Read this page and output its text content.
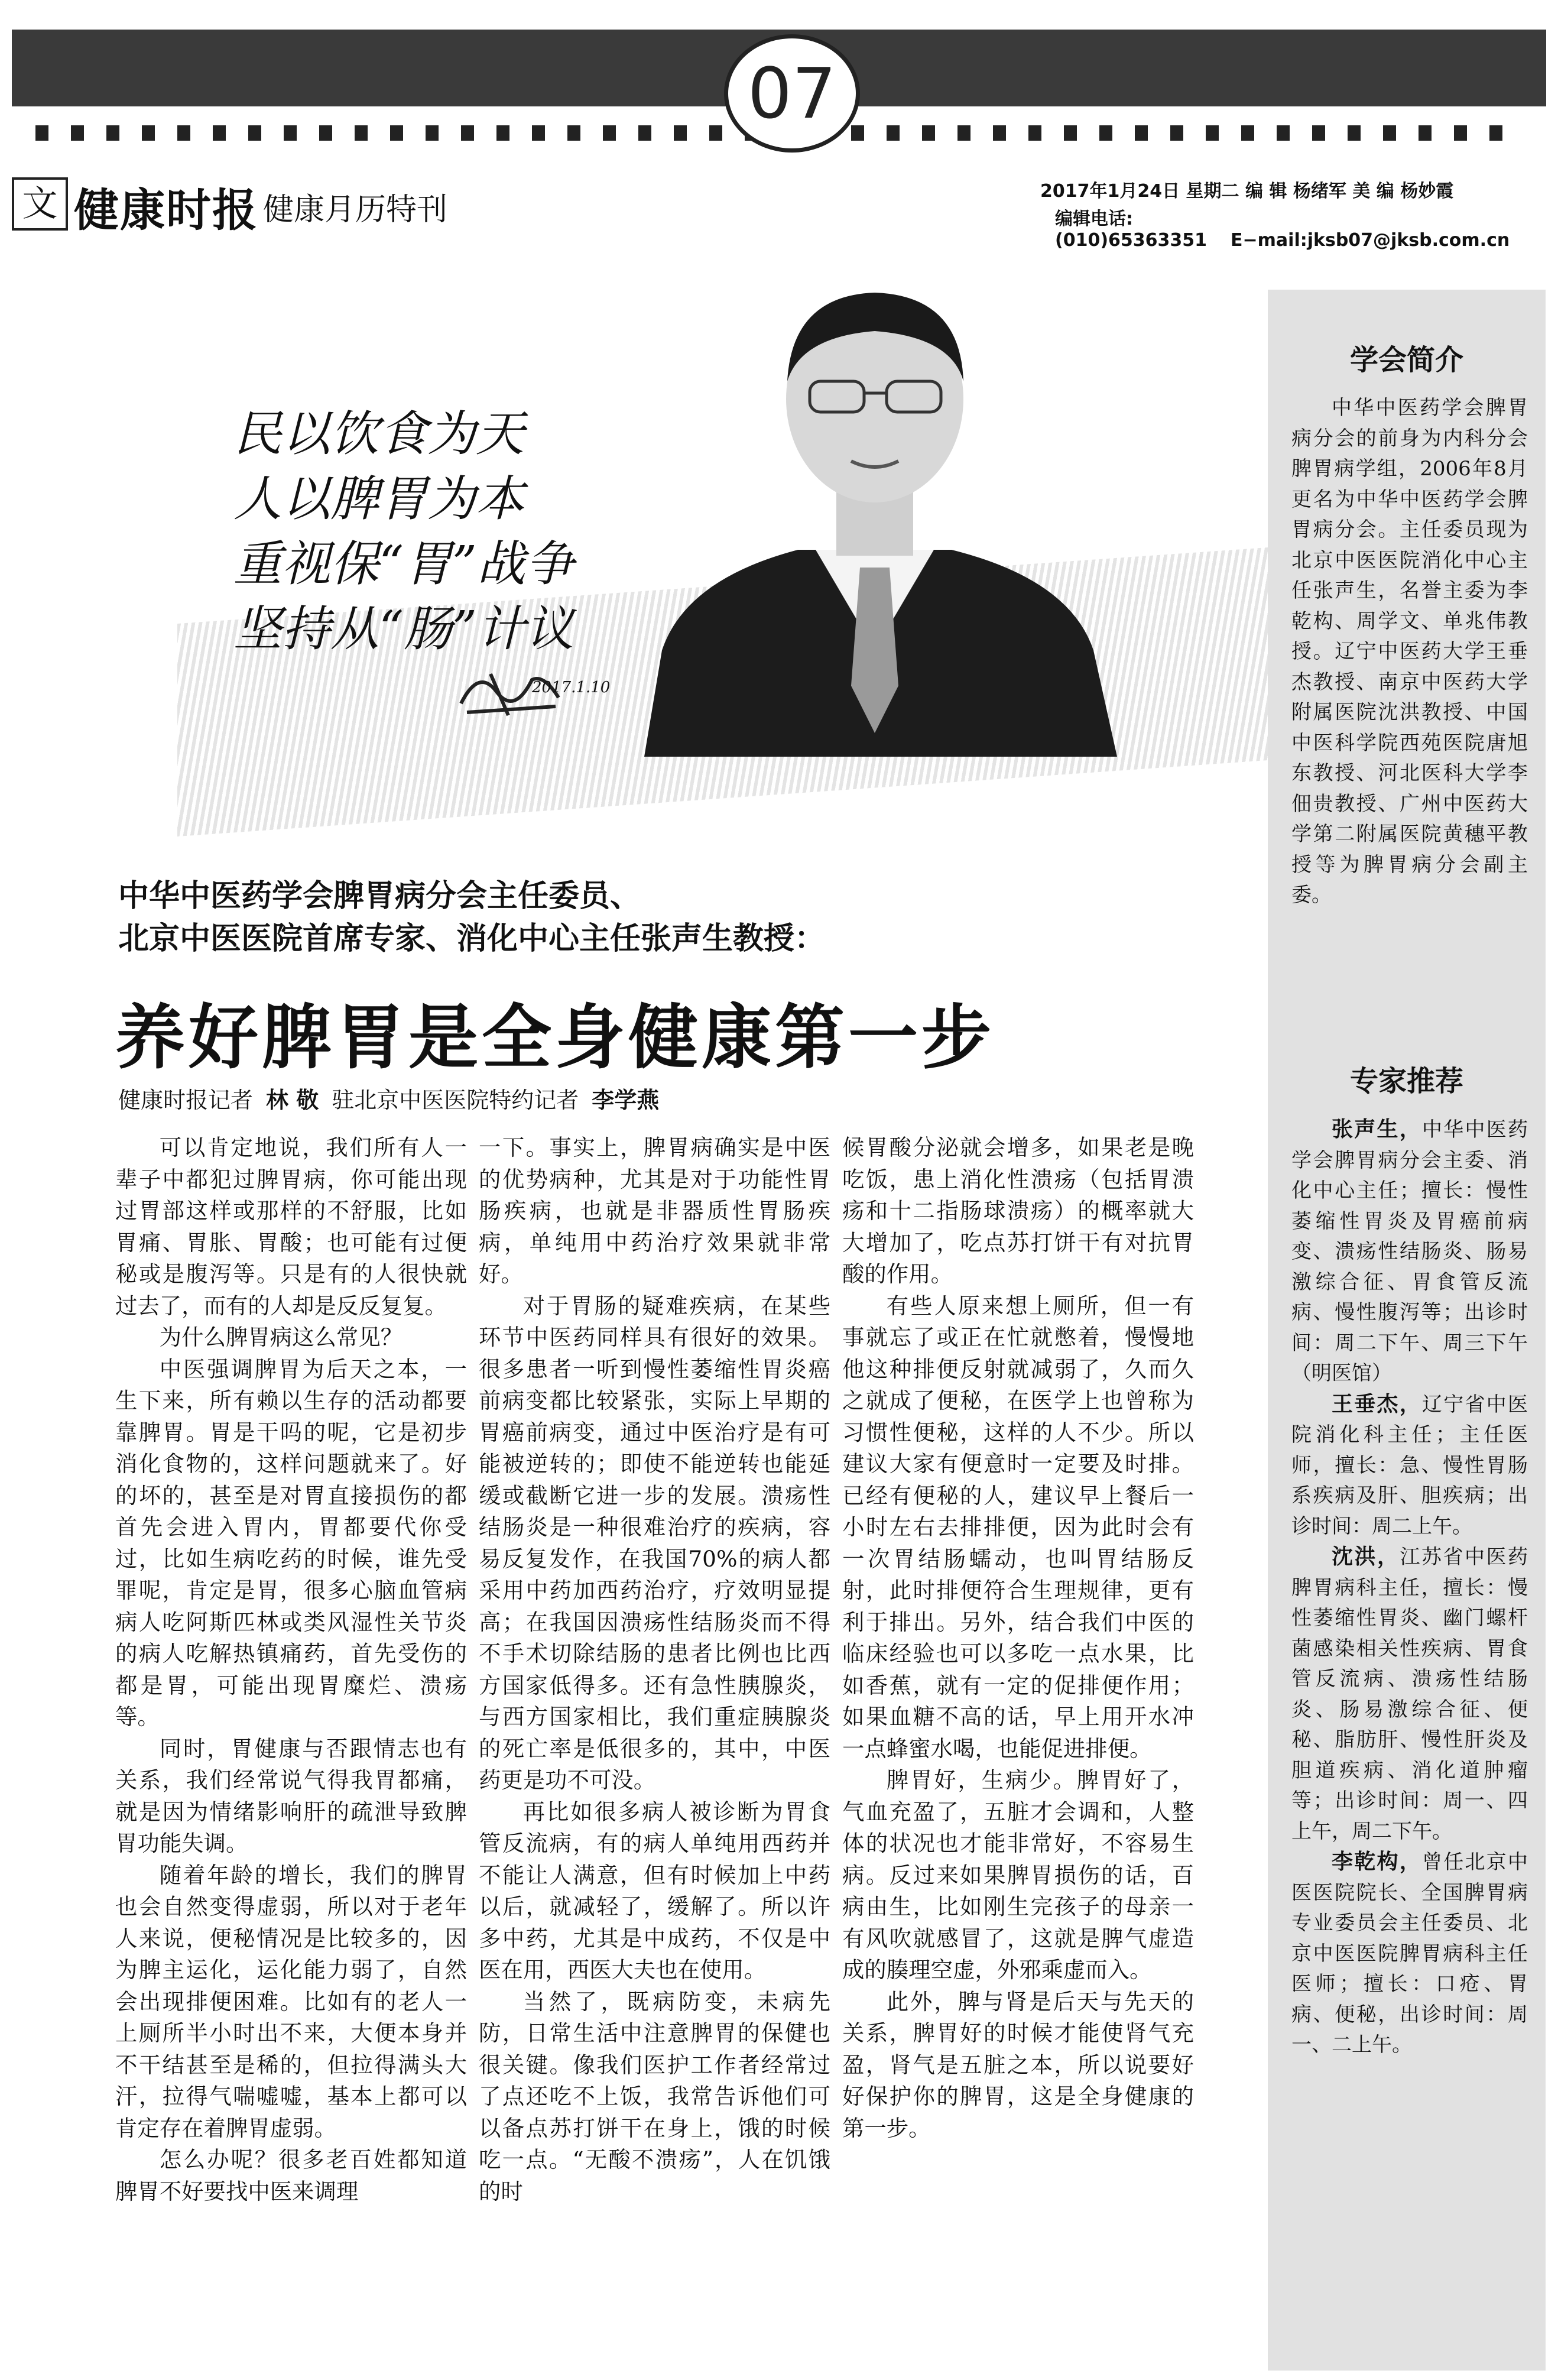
07
文 健康时报 健康月历特刊
2017年1月24日 星期二 编 辑 杨绪军 美 编 杨妙霞
编辑电话:(010)65363351 E−mail:jksb07@jksb.com.cn
民以饮食为天
人以脾胃为本
重视保“胃”战争
坚持从“肠”计议
2017.1.10
中华中医药学会脾胃病分会主任委员、
北京中医医院首席专家、消化中心主任张声生教授：
养好脾胃是全身健康第一步
健康时报记者 林 敬 驻北京中医医院特约记者 李学燕

可以肯定地说，我们所有人一辈子中都犯过脾胃病，你可能出现过胃部这样或那样的不舒服，比如胃痛、胃胀、胃酸；也可能有过便秘或是腹泻等。只是有的人很快就过去了，而有的人却是反反复复。

为什么脾胃病这么常见？

中医强调脾胃为后天之本，一生下来，所有赖以生存的活动都要靠脾胃。胃是干吗的呢，它是初步消化食物的，这样问题就来了。好的坏的，甚至是对胃直接损伤的都首先会进入胃内，胃都要代你受过，比如生病吃药的时候，谁先受罪呢，肯定是胃，很多心脑血管病病人吃阿斯匹林或类风湿性关节炎的病人吃解热镇痛药，首先受伤的都是胃，可能出现胃糜烂、溃疡等。

同时，胃健康与否跟情志也有关系，我们经常说气得我胃都痛，就是因为情绪影响肝的疏泄导致脾胃功能失调。

随着年龄的增长，我们的脾胃也会自然变得虚弱，所以对于老年人来说，便秘情况是比较多的，因为脾主运化，运化能力弱了，自然会出现排便困难。比如有的老人一上厕所半小时出不来，大便本身并不干结甚至是稀的，但拉得满头大汗，拉得气喘嘘嘘，基本上都可以肯定存在着脾胃虚弱。

怎么办呢？很多老百姓都知道脾胃不好要找中医来调理

一下。事实上，脾胃病确实是中医的优势病种，尤其是对于功能性胃肠疾病，也就是非器质性胃肠疾病，单纯用中药治疗效果就非常好。

对于胃肠的疑难疾病，在某些环节中医药同样具有很好的效果。很多患者一听到慢性萎缩性胃炎癌前病变都比较紧张，实际上早期的胃癌前病变，通过中医治疗是有可能被逆转的；即使不能逆转也能延缓或截断它进一步的发展。溃疡性结肠炎是一种很难治疗的疾病，容易反复发作，在我国70%的病人都采用中药加西药治疗，疗效明显提高；在我国因溃疡性结肠炎而不得不手术切除结肠的患者比例也比西方国家低得多。还有急性胰腺炎，与西方国家相比，我们重症胰腺炎的死亡率是低很多的，其中，中医药更是功不可没。

再比如很多病人被诊断为胃食管反流病，有的病人单纯用西药并不能让人满意，但有时候加上中药以后，就减轻了，缓解了。所以许多中药，尤其是中成药，不仅是中医在用，西医大夫也在使用。

当然了，既病防变，未病先防，日常生活中注意脾胃的保健也很关键。像我们医护工作者经常过了点还吃不上饭，我常告诉他们可以备点苏打饼干在身上，饿的时候吃一点。“无酸不溃疡”，人在饥饿的时

候胃酸分泌就会增多，如果老是晚吃饭，患上消化性溃疡（包括胃溃疡和十二指肠球溃疡）的概率就大大增加了，吃点苏打饼干有对抗胃酸的作用。

有些人原来想上厕所，但一有事就忘了或正在忙就憋着，慢慢地他这种排便反射就减弱了，久而久之就成了便秘，在医学上也曾称为习惯性便秘，这样的人不少。所以建议大家有便意时一定要及时排。已经有便秘的人，建议早上餐后一小时左右去排排便，因为此时会有一次胃结肠蠕动，也叫胃结肠反射，此时排便符合生理规律，更有利于排出。另外，结合我们中医的临床经验也可以多吃一点水果，比如香蕉，就有一定的促排便作用；如果血糖不高的话，早上用开水冲一点蜂蜜水喝，也能促进排便。

脾胃好，生病少。脾胃好了，气血充盈了，五脏才会调和，人整体的状况也才能非常好，不容易生病。反过来如果脾胃损伤的话，百病由生，比如刚生完孩子的母亲一有风吹就感冒了，这就是脾气虚造成的腠理空虚，外邪乘虚而入。

此外，脾与肾是后天与先天的关系，脾胃好的时候才能使肾气充盈，肾气是五脏之本，所以说要好好保护你的脾胃，这是全身健康的第一步。

学会简介

中华中医药学会脾胃病分会的前身为内科分会脾胃病学组，2006年8月更名为中华中医药学会脾胃病分会。主任委员现为北京中医医院消化中心主任张声生，名誉主委为李乾构、周学文、单兆伟教授。辽宁中医药大学王垂杰教授、南京中医药大学附属医院沈洪教授、中国中医科学院西苑医院唐旭东教授、河北医科大学李佃贵教授、广州中医药大学第二附属医院黄穗平教授等为脾胃病分会副主委。

专家推荐

张声生，中华中医药学会脾胃病分会主委、消化中心主任；擅长：慢性萎缩性胃炎及胃癌前病变、溃疡性结肠炎、肠易激综合征、胃食管反流病、慢性腹泻等；出诊时间：周二下午、周三下午（明医馆）

王垂杰，辽宁省中医院消化科主任；主任医师，擅长：急、慢性胃肠系疾病及肝、胆疾病；出诊时间：周二上午。

沈洪，江苏省中医药脾胃病科主任，擅长：慢性萎缩性胃炎、幽门螺杆菌感染相关性疾病、胃食管反流病、溃疡性结肠炎、肠易激综合征、便秘、脂肪肝、慢性肝炎及胆道疾病、消化道肿瘤等；出诊时间：周一、四上午，周二下午。

李乾构，曾任北京中医医院院长、全国脾胃病专业委员会主任委员、北京中医医院脾胃病科主任医师；擅长：口疮、胃病、便秘，出诊时间：周一、二上午。
